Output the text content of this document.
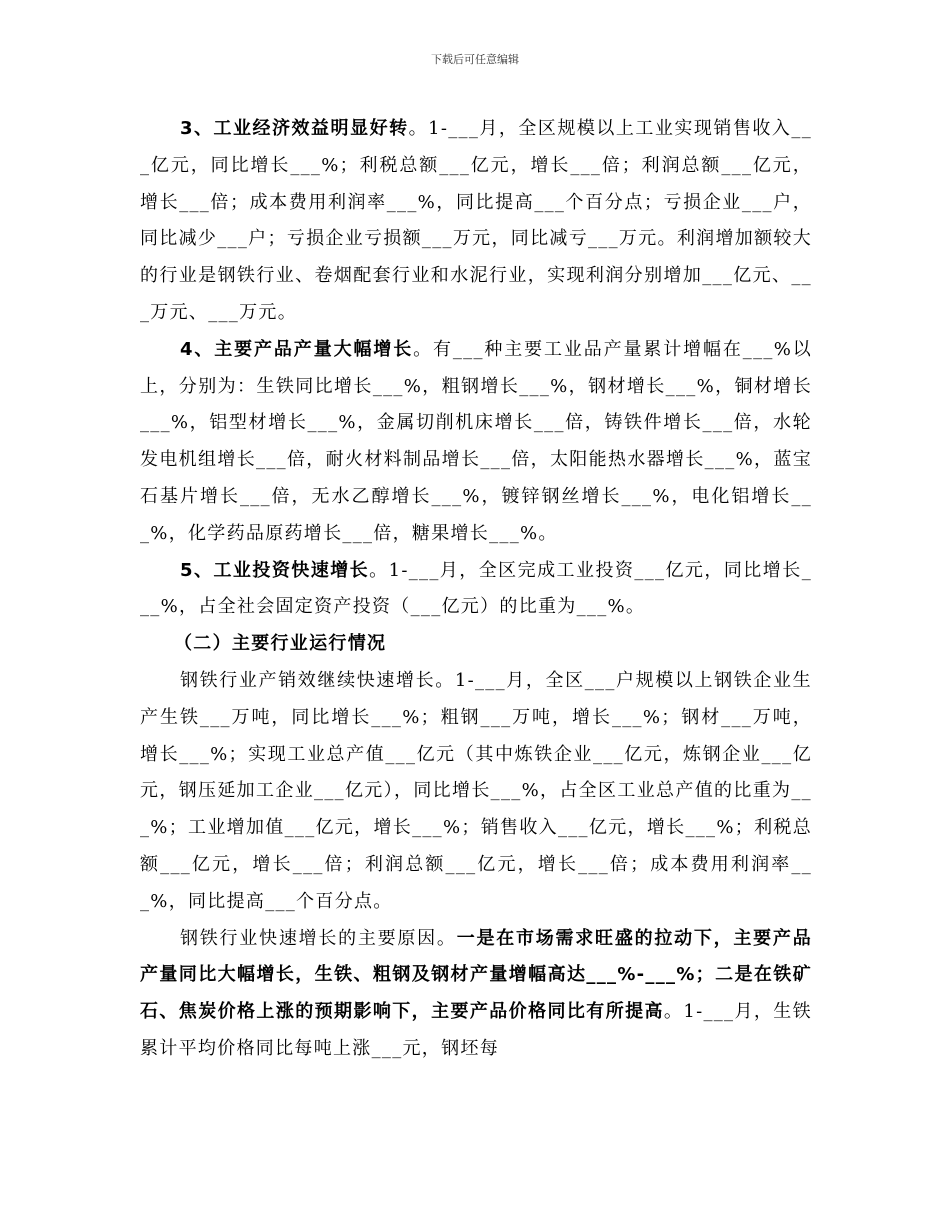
下载后可任意编辑

3、工业经济效益明显好转。1-___月，全区规模以上工业实现销售收入___亿元，同比增长___%；利税总额___亿元，增长___倍；利润总额___亿元，增长___倍；成本费用利润率___%，同比提高___个百分点；亏损企业___户，同比减少___户；亏损企业亏损额___万元，同比减亏___万元。利润增加额较大的行业是钢铁行业、卷烟配套行业和水泥行业，实现利润分别增加___亿元、___万元、___万元。

4、主要产品产量大幅增长。有___种主要工业品产量累计增幅在___%以上，分别为：生铁同比增长___%，粗钢增长___%，钢材增长___%，铜材增长___%，铝型材增长___%，金属切削机床增长___倍，铸铁件增长___倍，水轮发电机组增长___倍，耐火材料制品增长___倍，太阳能热水器增长___%，蓝宝石基片增长___倍，无水乙醇增长___%，镀锌钢丝增长___%，电化铝增长___%，化学药品原药增长___倍，糖果增长___%。

5、工业投资快速增长。1-___月，全区完成工业投资___亿元，同比增长___%，占全社会固定资产投资（___亿元）的比重为___%。

（二）主要行业运行情况

钢铁行业产销效继续快速增长。1-___月，全区___户规模以上钢铁企业生产生铁___万吨，同比增长___%；粗钢___万吨，增长___%；钢材___万吨，增长___%；实现工业总产值___亿元（其中炼铁企业___亿元，炼钢企业___亿元，钢压延加工企业___亿元），同比增长___%，占全区工业总产值的比重为___%；工业增加值___亿元，增长___%；销售收入___亿元，增长___%；利税总额___亿元，增长___倍；利润总额___亿元，增长___倍；成本费用利润率___%，同比提高___个百分点。

钢铁行业快速增长的主要原因。一是在市场需求旺盛的拉动下，主要产品产量同比大幅增长，生铁、粗钢及钢材产量增幅高达___%-___%；二是在铁矿石、焦炭价格上涨的预期影响下，主要产品价格同比有所提高。1-___月，生铁累计平均价格同比每吨上涨___元，钢坯每
